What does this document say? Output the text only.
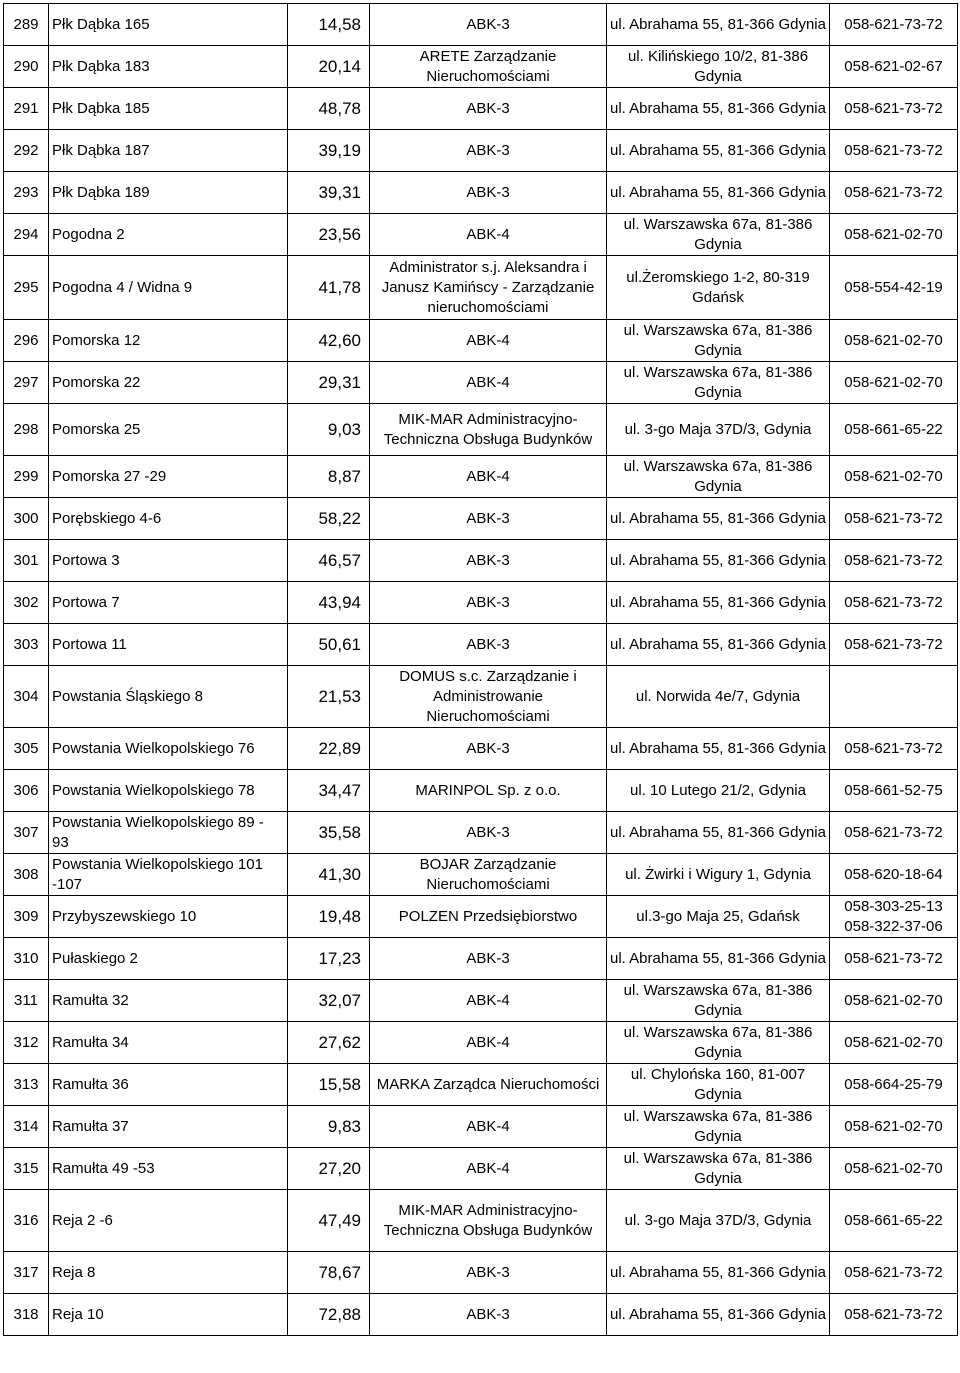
289	Płk Dąbka 165	14,58	ABK-3	ul. Abrahama 55, 81-366 Gdynia	058-621-73-72
290	Płk Dąbka 183	20,14	ARETE Zarządzanie Nieruchomościami	ul. Kilińskiego 10/2, 81-386 Gdynia	058-621-02-67
291	Płk Dąbka 185	48,78	ABK-3	ul. Abrahama 55, 81-366 Gdynia	058-621-73-72
292	Płk Dąbka 187	39,19	ABK-3	ul. Abrahama 55, 81-366 Gdynia	058-621-73-72
293	Płk Dąbka 189	39,31	ABK-3	ul. Abrahama 55, 81-366 Gdynia	058-621-73-72
294	Pogodna 2	23,56	ABK-4	ul. Warszawska 67a, 81-386 Gdynia	058-621-02-70
295	Pogodna 4 / Widna 9	41,78	Administrator s.j. Aleksandra i Janusz Kamińscy - Zarządzanie nieruchomościami	ul.Żeromskiego 1-2, 80-319 Gdańsk	058-554-42-19
296	Pomorska 12	42,60	ABK-4	ul. Warszawska 67a, 81-386 Gdynia	058-621-02-70
297	Pomorska 22	29,31	ABK-4	ul. Warszawska 67a, 81-386 Gdynia	058-621-02-70
298	Pomorska 25	9,03	MIK-MAR Administracyjno-Techniczna Obsługa Budynków	ul. 3-go Maja 37D/3, Gdynia	058-661-65-22
299	Pomorska 27 -29	8,87	ABK-4	ul. Warszawska 67a, 81-386 Gdynia	058-621-02-70
300	Porębskiego 4-6	58,22	ABK-3	ul. Abrahama 55, 81-366 Gdynia	058-621-73-72
301	Portowa 3	46,57	ABK-3	ul. Abrahama 55, 81-366 Gdynia	058-621-73-72
302	Portowa 7	43,94	ABK-3	ul. Abrahama 55, 81-366 Gdynia	058-621-73-72
303	Portowa 11	50,61	ABK-3	ul. Abrahama 55, 81-366 Gdynia	058-621-73-72
304	Powstania Śląskiego 8	21,53	DOMUS s.c. Zarządzanie i Administrowanie Nieruchomościami	ul. Norwida 4e/7, Gdynia	
305	Powstania Wielkopolskiego 76	22,89	ABK-3	ul. Abrahama 55, 81-366 Gdynia	058-621-73-72
306	Powstania Wielkopolskiego 78	34,47	MARINPOL Sp. z o.o.	ul. 10 Lutego 21/2, Gdynia	058-661-52-75
307	Powstania Wielkopolskiego 89 - 93	35,58	ABK-3	ul. Abrahama 55, 81-366 Gdynia	058-621-73-72
308	Powstania Wielkopolskiego 101 -107	41,30	BOJAR Zarządzanie Nieruchomościami	ul. Żwirki i Wigury 1, Gdynia	058-620-18-64
309	Przybyszewskiego 10	19,48	POLZEN Przedsiębiorstwo	ul.3-go Maja 25, Gdańsk	058-303-25-13 058-322-37-06
310	Pułaskiego 2	17,23	ABK-3	ul. Abrahama 55, 81-366 Gdynia	058-621-73-72
311	Ramułta 32	32,07	ABK-4	ul. Warszawska 67a, 81-386 Gdynia	058-621-02-70
312	Ramułta 34	27,62	ABK-4	ul. Warszawska 67a, 81-386 Gdynia	058-621-02-70
313	Ramułta 36	15,58	MARKA Zarządca Nieruchomości	ul. Chylońska 160, 81-007 Gdynia	058-664-25-79
314	Ramułta 37	9,83	ABK-4	ul. Warszawska 67a, 81-386 Gdynia	058-621-02-70
315	Ramułta 49 -53	27,20	ABK-4	ul. Warszawska 67a, 81-386 Gdynia	058-621-02-70
316	Reja 2 -6	47,49	MIK-MAR Administracyjno-Techniczna Obsługa Budynków	ul. 3-go Maja 37D/3, Gdynia	058-661-65-22
317	Reja 8	78,67	ABK-3	ul. Abrahama 55, 81-366 Gdynia	058-621-73-72
318	Reja 10	72,88	ABK-3	ul. Abrahama 55, 81-366 Gdynia	058-621-73-72
